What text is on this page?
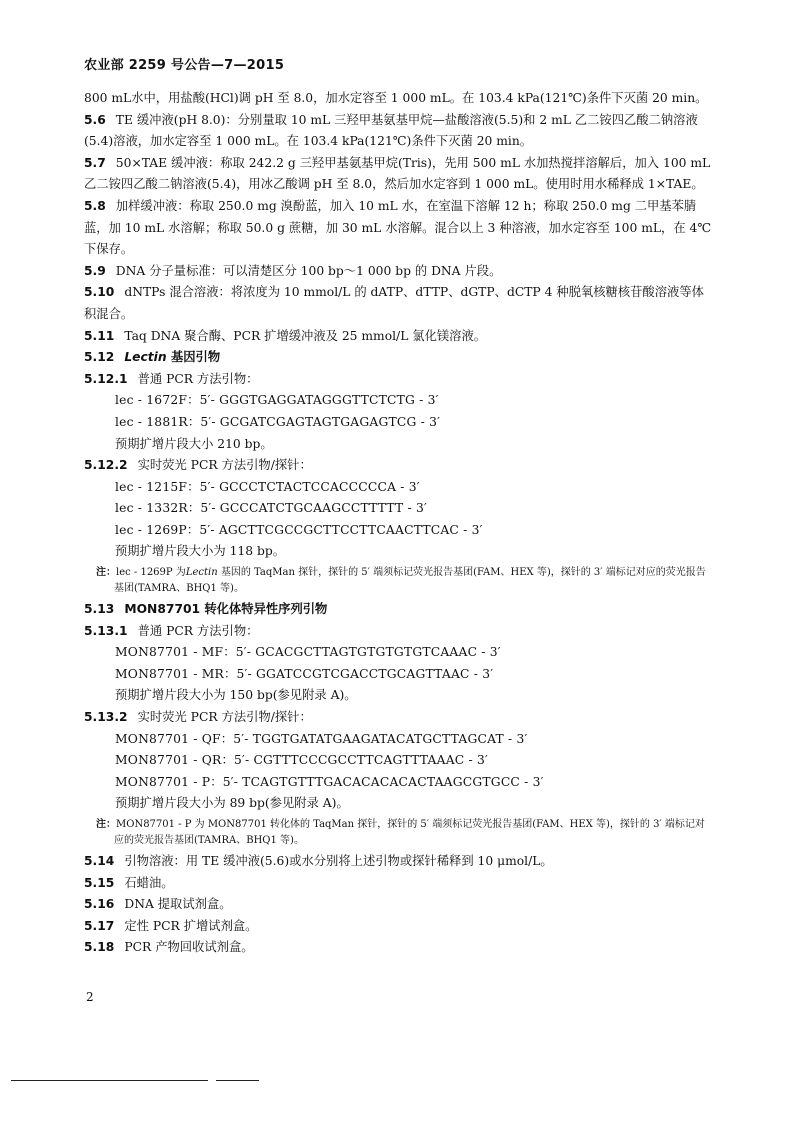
农业部 2259 号公告—7—2015

800 mL水中，用盐酸(HCl)调 pH 至 8.0，加水定容至 1 000 mL。在 103.4 kPa(121℃)条件下灭菌 20 min。

5.6 TE 缓冲液(pH 8.0)：分别量取 10 mL 三羟甲基氨基甲烷—盐酸溶液(5.5)和 2 mL 乙二铵四乙酸二钠溶液(5.4)溶液，加水定容至 1 000 mL。在 103.4 kPa(121℃)条件下灭菌 20 min。

5.7 50×TAE 缓冲液：称取 242.2 g 三羟甲基氨基甲烷(Tris)，先用 500 mL 水加热搅拌溶解后，加入 100 mL 乙二铵四乙酸二钠溶液(5.4)，用冰乙酸调 pH 至 8.0，然后加水定容到 1 000 mL。使用时用水稀释成 1×TAE。

5.8 加样缓冲液：称取 250.0 mg 溴酚蓝，加入 10 mL 水，在室温下溶解 12 h；称取 250.0 mg 二甲基苯腈蓝，加 10 mL 水溶解；称取 50.0 g 蔗糖，加 30 mL 水溶解。混合以上 3 种溶液，加水定容至 100 mL，在 4℃下保存。

5.9 DNA 分子量标准：可以清楚区分 100 bp～1 000 bp 的 DNA 片段。

5.10 dNTPs 混合溶液：将浓度为 10 mmol/L 的 dATP、dTTP、dGTP、dCTP 4 种脱氧核糖核苷酸溶液等体积混合。

5.11 Taq DNA 聚合酶、PCR 扩增缓冲液及 25 mmol/L 氯化镁溶液。

5.12 Lectin 基因引物

5.12.1 普通 PCR 方法引物：

lec - 1672F：5′- GGGTGAGGATAGGGTTCTCTG - 3′

lec - 1881R：5′- GCGATCGAGTAGTGAGAGTCG - 3′

预期扩增片段大小 210 bp。

5.12.2 实时荧光 PCR 方法引物/探针：

lec - 1215F：5′- GCCCTCTACTCCACCCCCA - 3′

lec - 1332R：5′- GCCCATCTGCAAGCCTTTTT - 3′

lec - 1269P：5′- AGCTTCGCCGCTTCCTTCAACTTCAC - 3′

预期扩增片段大小为 118 bp。

注：lec - 1269P 为Lectin 基因的 TaqMan 探针，探针的 5′ 端须标记荧光报告基团(FAM、HEX 等)，探针的 3′ 端标记对应的荧光报告基团(TAMRA、BHQ1 等)。

5.13 MON87701 转化体特异性序列引物

5.13.1 普通 PCR 方法引物：

MON87701 - MF：5′- GCACGCTTAGTGTGTGTGTCAAAC - 3′

MON87701 - MR：5′- GGATCCGTCGACCTGCAGTTAAC - 3′

预期扩增片段大小为 150 bp(参见附录 A)。

5.13.2 实时荧光 PCR 方法引物/探针：

MON87701 - QF：5′- TGGTGATATGAAGATACATGCTTAGCAT - 3′

MON87701 - QR：5′- CGTTTCCCGCCTTCAGTTTAAAC - 3′

MON87701 - P：5′- TCAGTGTTTGACACACACACTAAGCGTGCC - 3′

预期扩增片段大小为 89 bp(参见附录 A)。

注：MON87701 - P 为 MON87701 转化体的 TaqMan 探针，探针的 5′ 端须标记荧光报告基团(FAM、HEX 等)，探针的 3′ 端标记对应的荧光报告基团(TAMRA、BHQ1 等)。

5.14 引物溶液：用 TE 缓冲液(5.6)或水分别将上述引物或探针稀释到 10 μmol/L。

5.15 石蜡油。

5.16 DNA 提取试剂盒。

5.17 定性 PCR 扩增试剂盒。

5.18 PCR 产物回收试剂盒。

2
